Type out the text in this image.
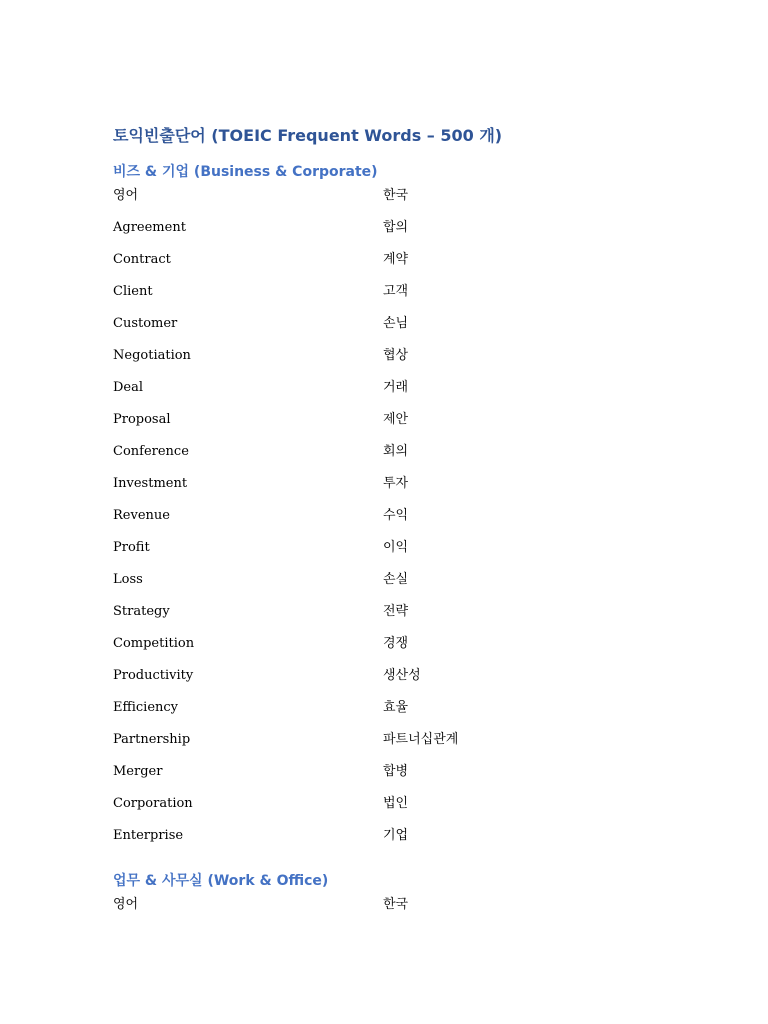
토익빈출단어 (TOEIC Frequent Words – 500 개)
비즈 & 기업 (Business & Corporate)
영어	한국
Agreement	합의
Contract	계약
Client	고객
Customer	손님
Negotiation	협상
Deal	거래
Proposal	제안
Conference	회의
Investment	투자
Revenue	수익
Profit	이익
Loss	손실
Strategy	전략
Competition	경쟁
Productivity	생산성
Efficiency	효율
Partnership	파트너십관계
Merger	합병
Corporation	법인
Enterprise	기업
업무 & 사무실 (Work & Office)
영어	한국
